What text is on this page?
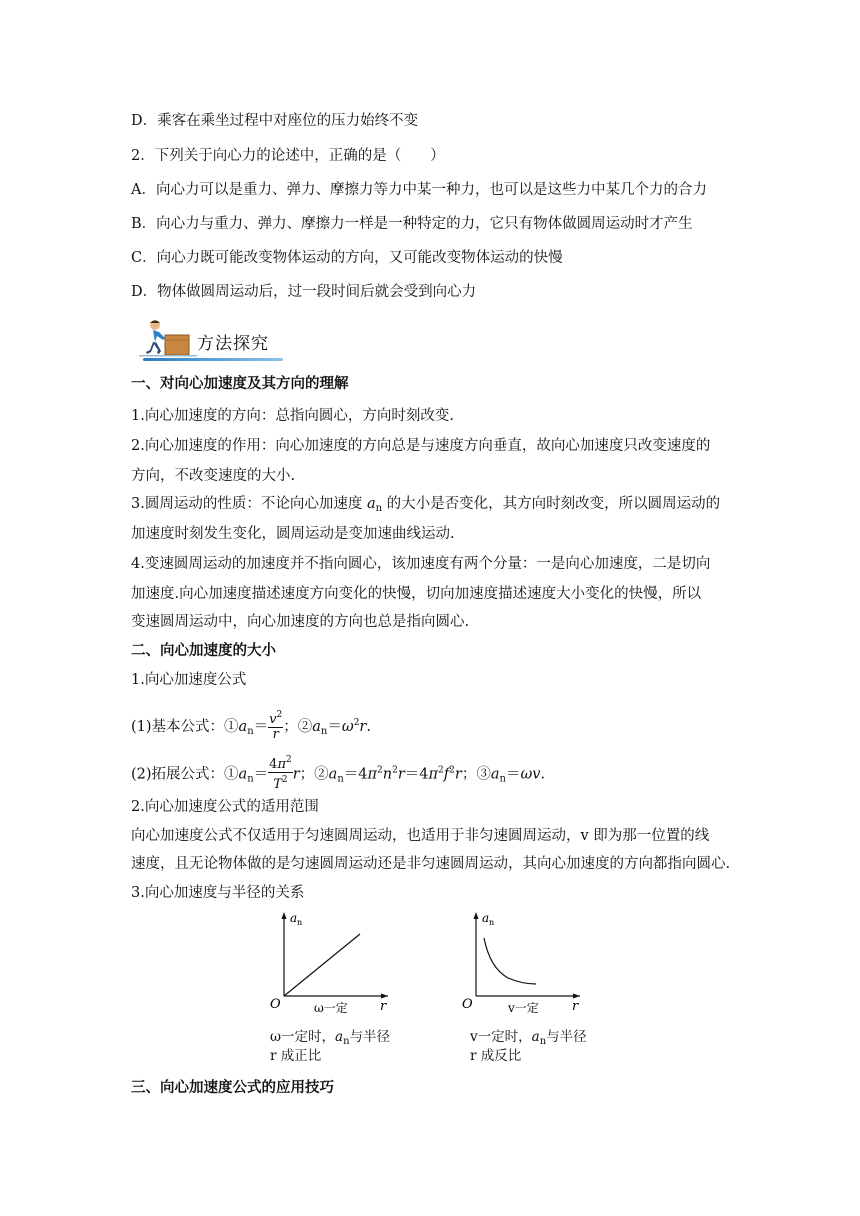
D．乘客在乘坐过程中对座位的压力始终不变
2．下列关于向心力的论述中，正确的是（　　）
A．向心力可以是重力、弹力、摩擦力等力中某一种力，也可以是这些力中某几个力的合力
B．向心力与重力、弹力、摩擦力一样是一种特定的力，它只有物体做圆周运动时才产生
C．向心力既可能改变物体运动的方向，又可能改变物体运动的快慢
D．物体做圆周运动后，过一段时间后就会受到向心力
方法探究
一、对向心加速度及其方向的理解
1.向心加速度的方向：总指向圆心，方向时刻改变.
2.向心加速度的作用：向心加速度的方向总是与速度方向垂直，故向心加速度只改变速度的
方向，不改变速度的大小.
3.圆周运动的性质：不论向心加速度 $a_n$ 的大小是否变化，其方向时刻改变，所以圆周运动的
加速度时刻发生变化，圆周运动是变加速曲线运动.
4.变速圆周运动的加速度并不指向圆心，该加速度有两个分量：一是向心加速度，二是切向
加速度.向心加速度描述速度方向变化的快慢，切向加速度描述速度大小变化的快慢，所以
变速圆周运动中，向心加速度的方向也总是指向圆心.
二、向心加速度的大小
1.向心加速度公式
(1)基本公式：$①a_n= \frac{v^2}{r}$ ；$②a_n=\omega^2r$.
(2)拓展公式：$①a_n= \frac{4\pi^2}{T^2}$ r；$②a_n=4\pi^2n^2r=4\pi^2f^2r$；$③a_n=\omega v$.
2.向心加速度公式的适用范围
向心加速度公式不仅适用于匀速圆周运动，也适用于非匀速圆周运动，v 即为那一位置的线
速度，且无论物体做的是匀速圆周运动还是非匀速圆周运动，其向心加速度的方向都指向圆心.
3.向心加速度与半径的关系
a n
r
O	ω一定
ω一定时，$a_n$与半径
r 成正比
a n
r
O	v一定
v一定时，$a_n$与半径
r 成反比
三、向心加速度公式的应用技巧
